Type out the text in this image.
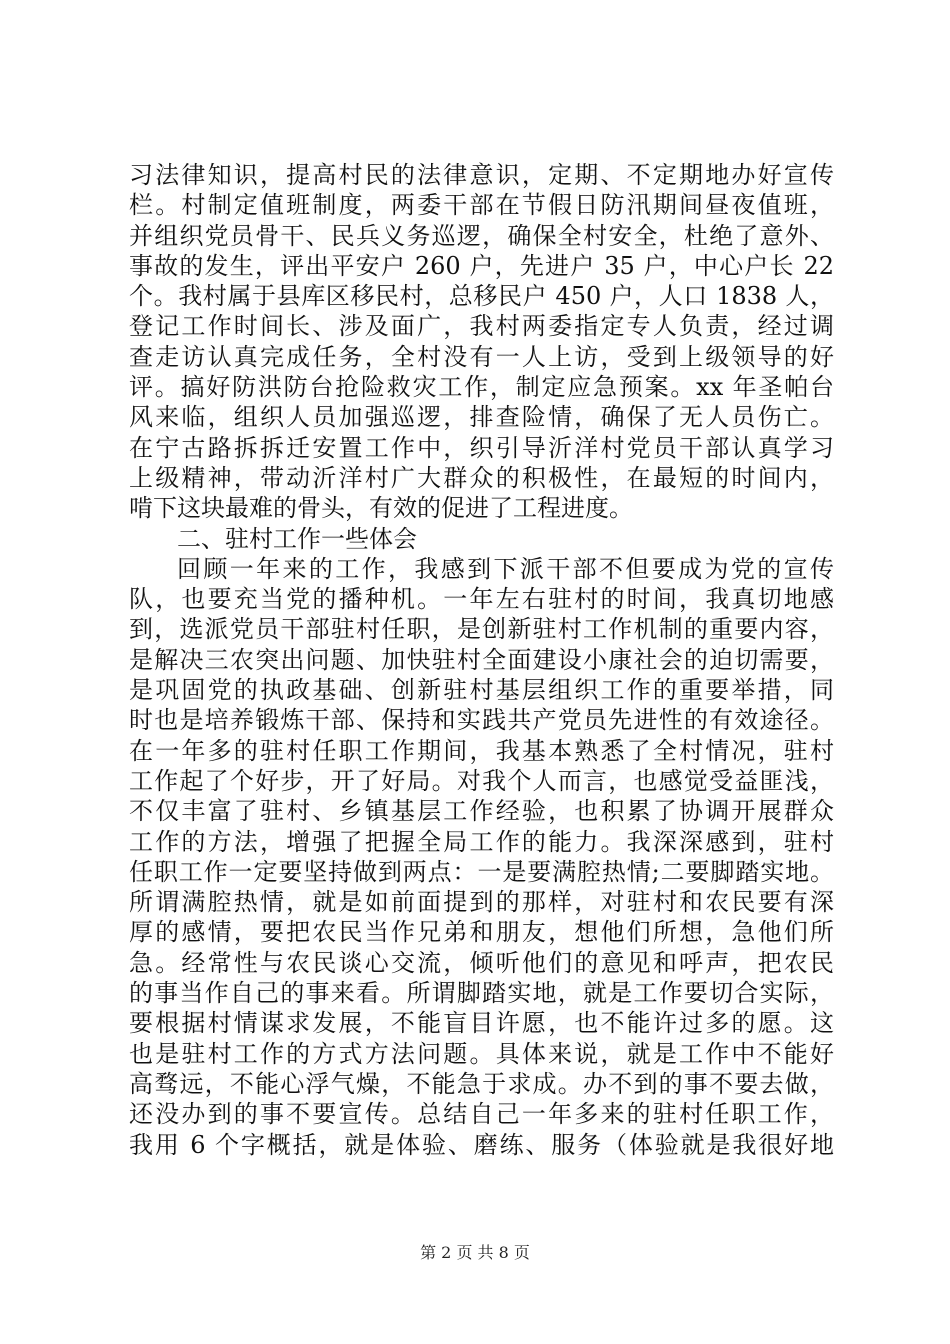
习法律知识，提高村民的法律意识，定期、不定期地办好宣传
栏。村制定值班制度，两委干部在节假日防汛期间昼夜值班，
并组织党员骨干、民兵义务巡逻，确保全村安全，杜绝了意外、
事故的发生，评出平安户 260 户，先进户 35 户，中心户长 22
个。我村属于县库区移民村，总移民户 450 户，人口 1838 人，
登记工作时间长、涉及面广，我村两委指定专人负责，经过调
查走访认真完成任务，全村没有一人上访，受到上级领导的好
评。搞好防洪防台抢险救灾工作，制定应急预案。xx 年圣帕台
风来临，组织人员加强巡逻，排查险情，确保了无人员伤亡。
在宁古路拆拆迁安置工作中，织引导沂洋村党员干部认真学习
上级精神，带动沂洋村广大群众的积极性，在最短的时间内，
啃下这块最难的骨头，有效的促进了工程进度。
二、驻村工作一些体会
回顾一年来的工作，我感到下派干部不但要成为党的宣传
队，也要充当党的播种机。一年左右驻村的时间，我真切地感
到，选派党员干部驻村任职，是创新驻村工作机制的重要内容，
是解决三农突出问题、加快驻村全面建设小康社会的迫切需要，
是巩固党的执政基础、创新驻村基层组织工作的重要举措，同
时也是培养锻炼干部、保持和实践共产党员先进性的有效途径。
在一年多的驻村任职工作期间，我基本熟悉了全村情况，驻村
工作起了个好步，开了好局。对我个人而言，也感觉受益匪浅，
不仅丰富了驻村、乡镇基层工作经验，也积累了协调开展群众
工作的方法，增强了把握全局工作的能力。我深深感到，驻村
任职工作一定要坚持做到两点：一是要满腔热情;二要脚踏实地。
所谓满腔热情，就是如前面提到的那样，对驻村和农民要有深
厚的感情，要把农民当作兄弟和朋友，想他们所想，急他们所
急。经常性与农民谈心交流，倾听他们的意见和呼声，把农民
的事当作自己的事来看。所谓脚踏实地，就是工作要切合实际，
要根据村情谋求发展，不能盲目许愿，也不能许过多的愿。这
也是驻村工作的方式方法问题。具体来说，就是工作中不能好
高骛远，不能心浮气燥，不能急于求成。办不到的事不要去做，
还没办到的事不要宣传。总结自己一年多来的驻村任职工作，
我用 6 个字概括，就是体验、磨练、服务（体验就是我很好地
第 2 页 共 8 页
